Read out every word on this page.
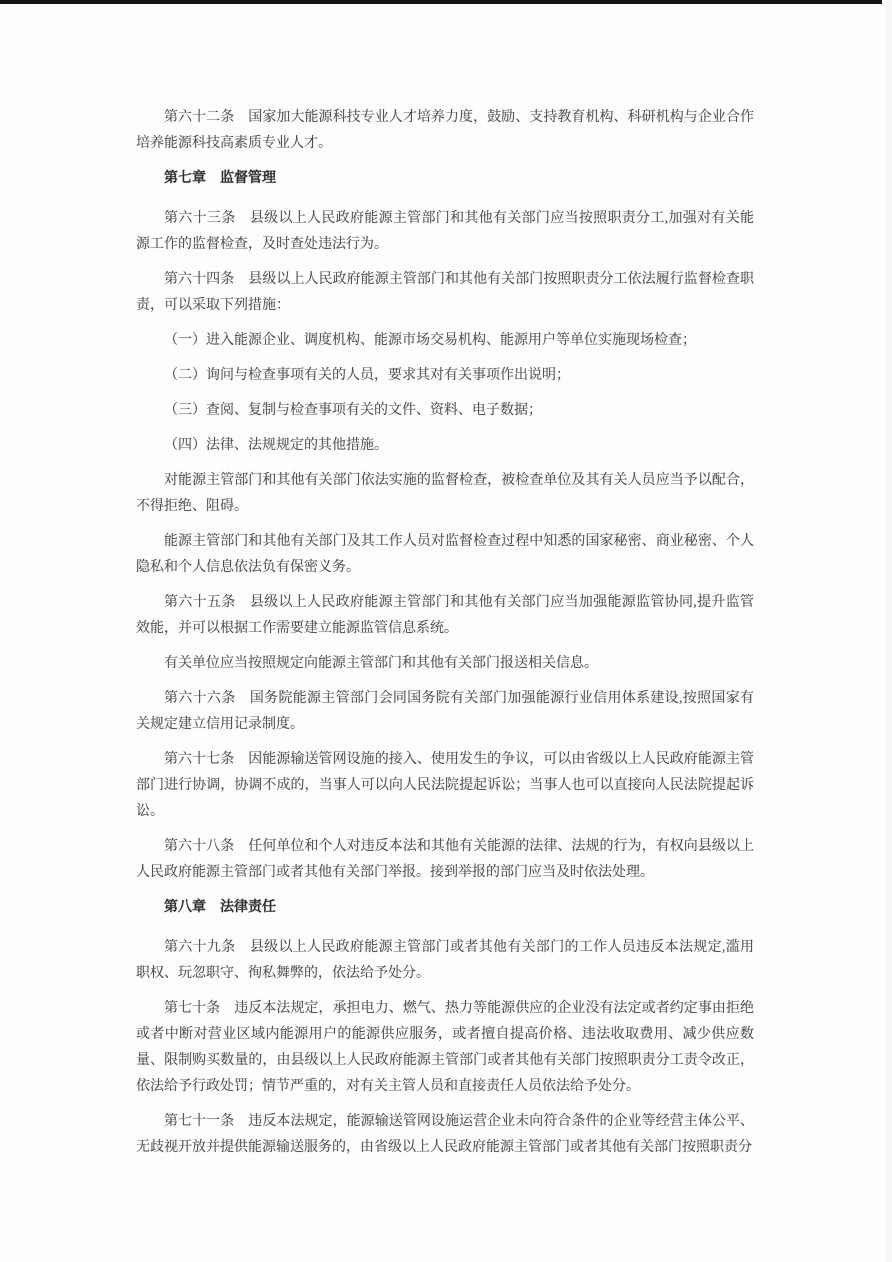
第六十二条　国家加大能源科技专业人才培养力度，鼓励、支持教育机构、科研机构与企业合作培养能源科技高素质专业人才。

第七章　监督管理

第六十三条　县级以上人民政府能源主管部门和其他有关部门应当按照职责分工,加强对有关能源工作的监督检查，及时查处违法行为。

第六十四条　县级以上人民政府能源主管部门和其他有关部门按照职责分工依法履行监督检查职责，可以采取下列措施：

（一）进入能源企业、调度机构、能源市场交易机构、能源用户等单位实施现场检查；

（二）询问与检查事项有关的人员，要求其对有关事项作出说明；

（三）查阅、复制与检查事项有关的文件、资料、电子数据；

（四）法律、法规规定的其他措施。

对能源主管部门和其他有关部门依法实施的监督检查，被检查单位及其有关人员应当予以配合，不得拒绝、阻碍。

能源主管部门和其他有关部门及其工作人员对监督检查过程中知悉的国家秘密、商业秘密、个人隐私和个人信息依法负有保密义务。

第六十五条　县级以上人民政府能源主管部门和其他有关部门应当加强能源监管协同,提升监管效能，并可以根据工作需要建立能源监管信息系统。

有关单位应当按照规定向能源主管部门和其他有关部门报送相关信息。

第六十六条　国务院能源主管部门会同国务院有关部门加强能源行业信用体系建设,按照国家有关规定建立信用记录制度。

第六十七条　因能源输送管网设施的接入、使用发生的争议，可以由省级以上人民政府能源主管部门进行协调，协调不成的，当事人可以向人民法院提起诉讼；当事人也可以直接向人民法院提起诉讼。

第六十八条　任何单位和个人对违反本法和其他有关能源的法律、法规的行为，有权向县级以上人民政府能源主管部门或者其他有关部门举报。接到举报的部门应当及时依法处理。

第八章　法律责任

第六十九条　县级以上人民政府能源主管部门或者其他有关部门的工作人员违反本法规定,滥用职权、玩忽职守、徇私舞弊的，依法给予处分。

第七十条　违反本法规定，承担电力、燃气、热力等能源供应的企业没有法定或者约定事由拒绝或者中断对营业区域内能源用户的能源供应服务，或者擅自提高价格、违法收取费用、减少供应数量、限制购买数量的，由县级以上人民政府能源主管部门或者其他有关部门按照职责分工责令改正，依法给予行政处罚；情节严重的，对有关主管人员和直接责任人员依法给予处分。

第七十一条　违反本法规定，能源输送管网设施运营企业未向符合条件的企业等经营主体公平、无歧视开放并提供能源输送服务的，由省级以上人民政府能源主管部门或者其他有关部门按照职责分
